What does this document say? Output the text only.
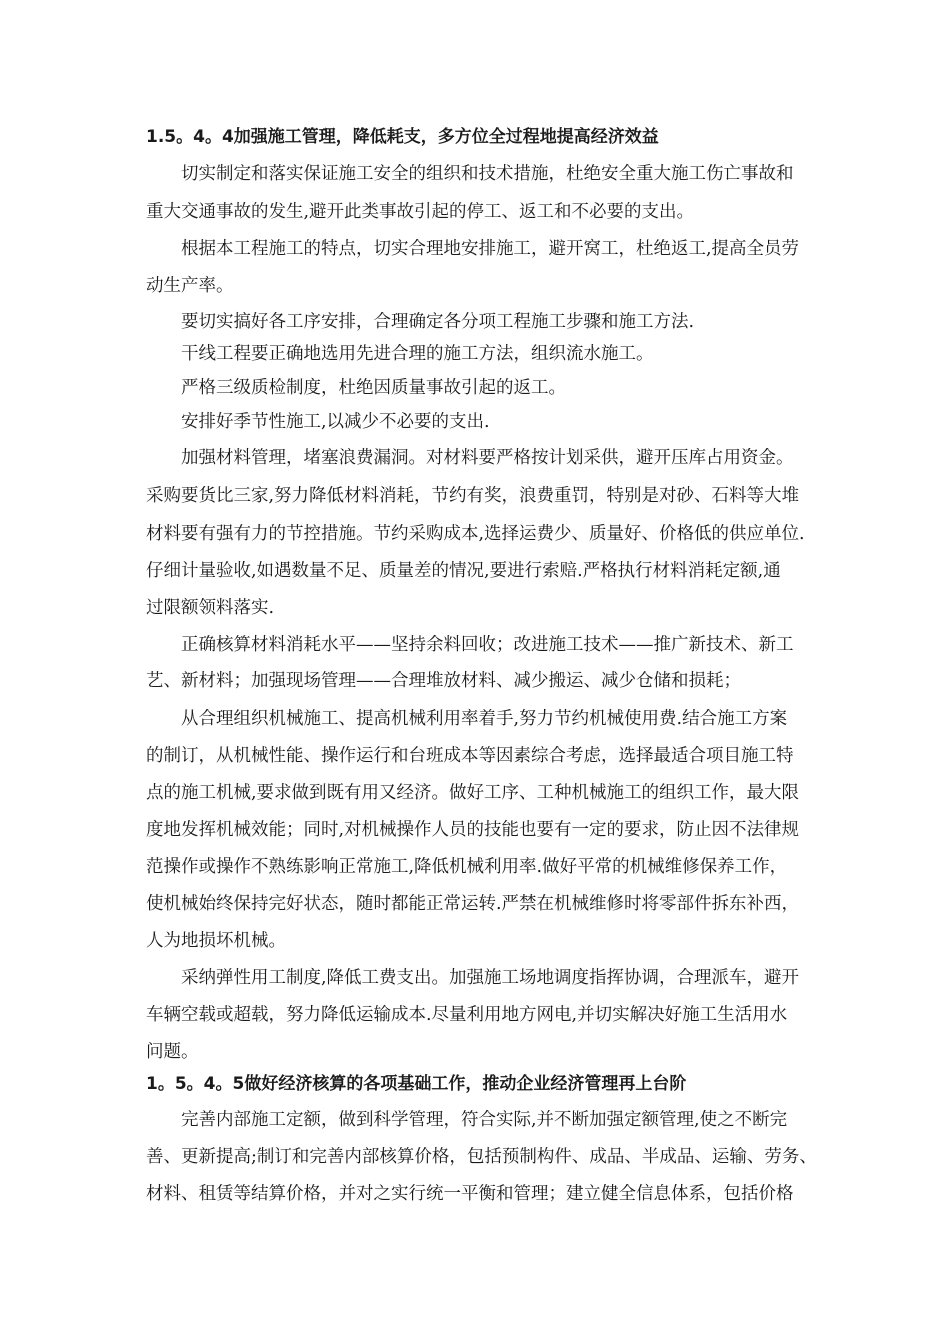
1.5。4。4加强施工管理，降低耗支，多方位全过程地提高经济效益
切实制定和落实保证施工安全的组织和技术措施，杜绝安全重大施工伤亡事故和
重大交通事故的发生,避开此类事故引起的停工、返工和不必要的支出。
根据本工程施工的特点，切实合理地安排施工，避开窝工，杜绝返工,提高全员劳
动生产率。
要切实搞好各工序安排，合理确定各分项工程施工步骤和施工方法.
干线工程要正确地选用先进合理的施工方法，组织流水施工。
严格三级质检制度，杜绝因质量事故引起的返工。
安排好季节性施工,以减少不必要的支出.
加强材料管理，堵塞浪费漏洞。对材料要严格按计划采供，避开压库占用资金。
采购要货比三家,努力降低材料消耗，节约有奖，浪费重罚，特别是对砂、石料等大堆
材料要有强有力的节控措施。节约采购成本,选择运费少、质量好、价格低的供应单位.
仔细计量验收,如遇数量不足、质量差的情况,要进行索赔.严格执行材料消耗定额,通
过限额领料落实.
正确核算材料消耗水平——坚持余料回收；改进施工技术——推广新技术、新工
艺、新材料；加强现场管理——合理堆放材料、减少搬运、减少仓储和损耗；
从合理组织机械施工、提高机械利用率着手,努力节约机械使用费.结合施工方案
的制订，从机械性能、操作运行和台班成本等因素综合考虑，选择最适合项目施工特
点的施工机械,要求做到既有用又经济。做好工序、工种机械施工的组织工作，最大限
度地发挥机械效能；同时,对机械操作人员的技能也要有一定的要求，防止因不法律规
范操作或操作不熟练影响正常施工,降低机械利用率.做好平常的机械维修保养工作，
使机械始终保持完好状态，随时都能正常运转.严禁在机械维修时将零部件拆东补西，
人为地损坏机械。
采纳弹性用工制度,降低工费支出。加强施工场地调度指挥协调，合理派车，避开
车辆空载或超载，努力降低运输成本.尽量利用地方网电,并切实解决好施工生活用水
问题。
1。5。4。5做好经济核算的各项基础工作，推动企业经济管理再上台阶
完善内部施工定额，做到科学管理，符合实际,并不断加强定额管理,使之不断完
善、更新提高;制订和完善内部核算价格，包括预制构件、成品、半成品、运输、劳务、
材料、租赁等结算价格，并对之实行统一平衡和管理；建立健全信息体系，包括价格
